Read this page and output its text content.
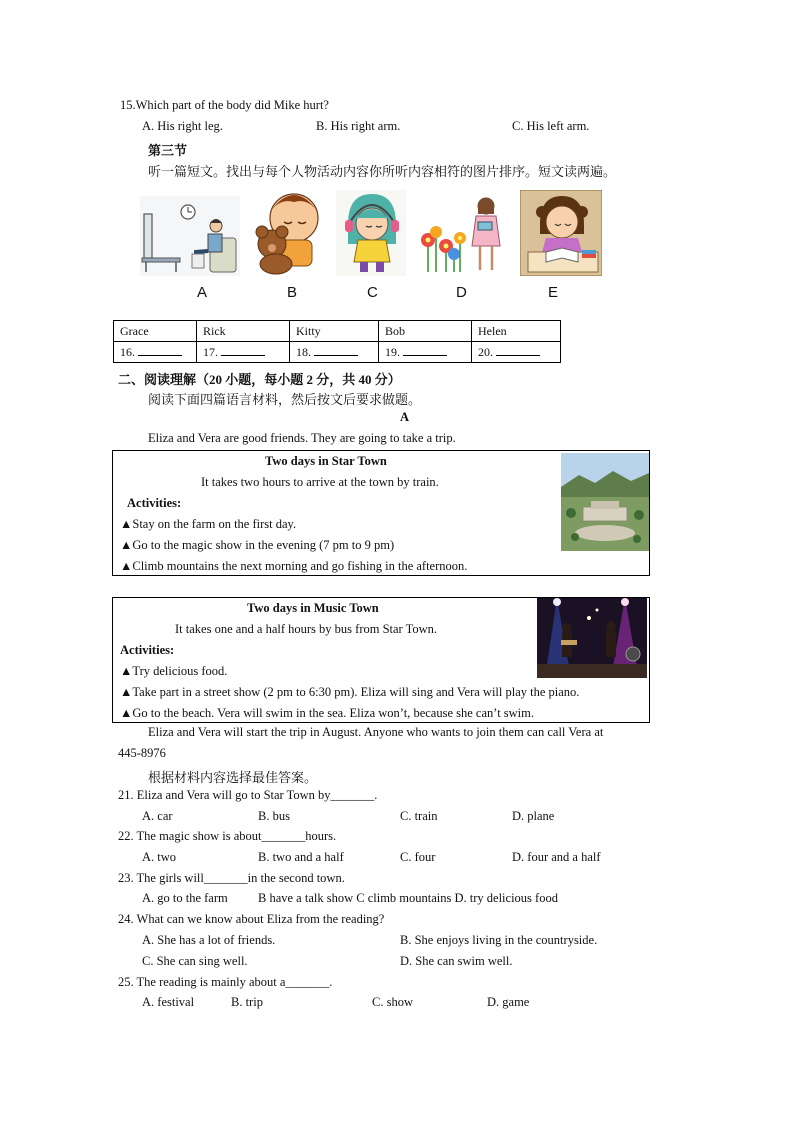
15.Which part of the body did Mike hurt?
A. His right leg.	B. His right arm.	C. His left arm.
第三节
听一篇短文。找出与每个人物活动内容你所听内容相符的图片排序。短文读两遍。
A	B	C	D	E
Grace	Rick	Kitty	Bob	Helen
16.	17.	18.	19.	20.
二、阅读理解（20 小题，每小题 2 分，共 40 分）
阅读下面四篇语言材料，然后按文后要求做题。
A
Eliza and Vera are good friends. They are going to take a trip.
Two days in Star Town
It takes two hours to arrive at the town by train.
Activities:
▲Stay on the farm on the first day.
▲Go to the magic show in the evening (7 pm to 9 pm)
▲Climb mountains the next morning and go fishing in the afternoon.
Two days in Music Town
It takes one and a half hours by bus from Star Town.
Activities:
▲Try delicious food.
▲Take part in a street show (2 pm to 6:30 pm). Eliza will sing and Vera will play the piano.
▲Go to the beach. Vera will swim in the sea. Eliza won’t, because she can’t swim.
Eliza and Vera will start the trip in August. Anyone who wants to join them can call Vera at
445-8976
根据材料内容选择最佳答案。
21. Eliza and Vera will go to Star Town by_______.
A. car	B. bus	C. train	D. plane
22. The magic show is about_______hours.
A. two	B. two and a half	C. four	D. four and a half
23. The girls will_______in the second town.
A. go to the farm B have a talk show C climb mountains D. try delicious food
24. What can we know about Eliza from the reading?
A. She has a lot of friends.	B. She enjoys living in the countryside.
C. She can sing well.	D. She can swim well.
25. The reading is mainly about a_______.
A. festival	B. trip	C. show	D. game
